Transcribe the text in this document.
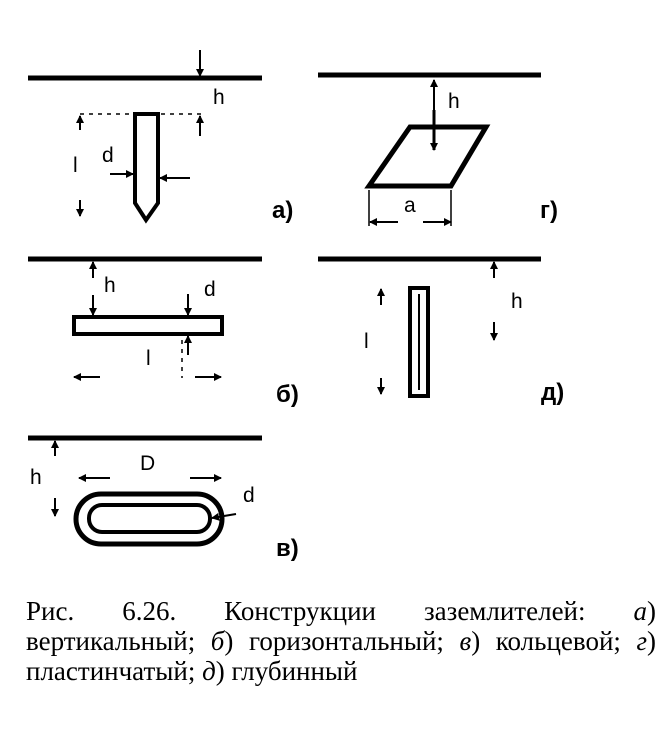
h
l d
а)
h	d
l
б)
D
h
d
в)
h
a	г)
l
h
д)
Рис. 6.26. Конструкции заземлителей: а) вертикальный; б) горизонтальный; в) кольцевой; г) пластинчатый; д) глубинный
